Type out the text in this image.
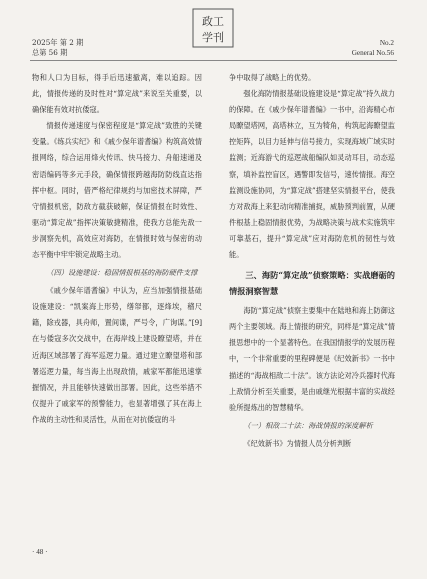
2025年 第 2 期
总第 56 期
政工
学刊	No.2
General No.56

物和人口为目标，得手后迅速撤离，难以追踪。因此，情报传递的及时性对“算定战”来说至关重要，以确保能有效对抗倭寇。

情报传递速度与保密程度是“算定战”致胜的关键变量。《练兵实纪》和《戚少保年谱耆编》构筑高效情报网络，综合运用烽火传讯、快马接力、舟船速递及密语编码等多元手段，确保情报跨越海防防线直达指挥中枢。同时，借严格纪律规约与加密技术屏障，严守情报机密，防敌方截获破解，保证情报在时效性、驱动“算定战”指挥决策敏捷精准，使我方总能先敌一步洞察先机，高效应对海防，在情报时效与保密的动态平衡中牢牢锁定战略主动。

（四）设施建设：稳固情报根基的海防硬件支撑

《戚少保年谱耆编》中认为，应当加强情报基础设施建设：“凯案海上形势，缮帑都，逐烽埃，稽尺籍，除戎器，具舟师，置间谍，严号令，广询谋。”[9]在与倭寇多次交战中，在海岸线上建设瞭望塔，并在近海区域部署了海军巡逻力量。通过建立瞭望塔和部署巡逻力量，每当海上出现敌情，戚家军都能迅速掌握情况，并且能够快速做出部署。因此，这些举措不仅提升了戚家军的预警能力，也显著增强了其在海上作战的主动性和灵活性，从而在对抗倭寇的斗

争中取得了战略上的优势。

强化海防情报基础设施建设是“算定战”持久战力的保障。在《戚少保年谱耆编》一书中，沿海精心布局瞭望塔网，高塔林立，互为犄角，构筑起海瞭望监控矩阵，以目力延伸与信号接力，实现海域广域实时监测；近海游弋的巡逻战船编队如灵动耳目，动态巡察，填补监控盲区，遇警即发信号，速传情报。海空监测设施协同，为“算定战”搭建坚实情报平台，使我方对敌海上来犯动向精准捕捉，威胁预判前置，从硬件根基上稳固情报优势，为战略决策与战术实施筑牢可靠基石，提升“算定战”应对海防危机的韧性与效能。

三、海防“算定战”侦察策略：实战磨砺的情报洞察智慧

海防“算定战”侦察主要集中在陆地和海上防御这两个主要领域。海上情报的研究，同样是“算定战”情报思想中的一个显著特色。在我国情报学的发展历程中，一个非常重要的里程碑便是《纪效新书》一书中描述的“海战相敌二十法”。该方法论对冷兵器时代海上敌情分析至关重要，是由戚继光根据丰富的实战经验所提炼出的智慧精华。

（一）相敌二十法：海战情报的深度解析

《纪效新书》为情报人员分析判断

· 48 ·
